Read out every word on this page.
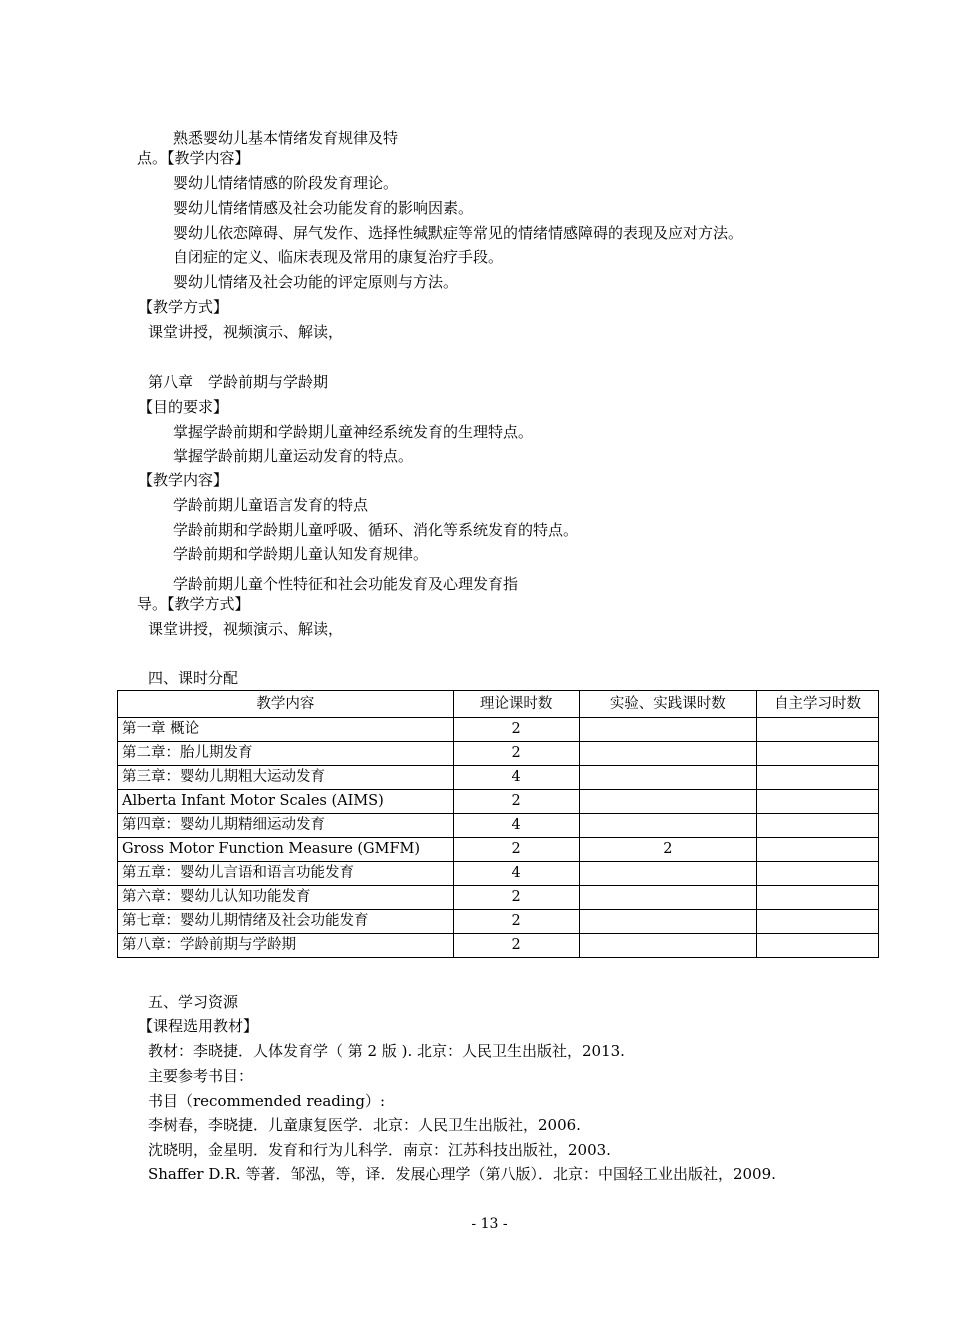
熟悉婴幼儿基本情绪发育规律及特
点。【教学内容】
婴幼儿情绪情感的阶段发育理论。
婴幼儿情绪情感及社会功能发育的影响因素。
婴幼儿依恋障碍、屏气发作、选择性缄默症等常见的情绪情感障碍的表现及应对方法。
自闭症的定义、临床表现及常用的康复治疗手段。
婴幼儿情绪及社会功能的评定原则与方法。
【教学方式】
课堂讲授，视频演示、解读，
第八章　学龄前期与学龄期
【目的要求】
掌握学龄前期和学龄期儿童神经系统发育的生理特点。
掌握学龄前期儿童运动发育的特点。
【教学内容】
学龄前期儿童语言发育的特点
学龄前期和学龄期儿童呼吸、循环、消化等系统发育的特点。
学龄前期和学龄期儿童认知发育规律。
学龄前期儿童个性特征和社会功能发育及心理发育指
导。【教学方式】
课堂讲授，视频演示、解读，
四、课时分配
教学内容	理论课时数	实验、实践课时数	自主学习时数
第一章 概论	2		
第二章：胎儿期发育	2		
第三章：婴幼儿期粗大运动发育	4		
Alberta Infant Motor Scales (AIMS)	2		
第四章：婴幼儿期精细运动发育	4		
Gross Motor Function Measure (GMFM)	2	2	
第五章：婴幼儿言语和语言功能发育	4		
第六章：婴幼儿认知功能发育	2		
第七章：婴幼儿期情绪及社会功能发育	2		
第八章：学龄前期与学龄期	2		
五、学习资源
【课程选用教材】
教材：李晓捷．人体发育学（ 第 2 版 ). 北京：人民卫生出版社，2013.
主要参考书目：
书目（recommended reading）:
李树春，李晓捷．儿童康复医学．北京：人民卫生出版社，2006.
沈晓明，金星明．发育和行为儿科学．南京：江苏科技出版社，2003.
Shaffer D.R. 等著．邹泓，等，译．发展心理学（第八版）．北京：中国轻工业出版社，2009.
- 13 -
